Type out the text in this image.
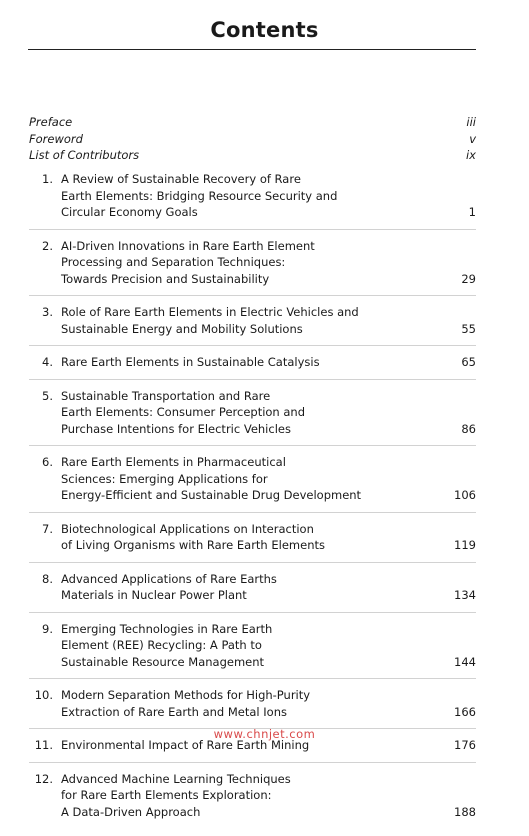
Contents
Preface	iii
Foreword	v
List of Contributors	ix
1. A Review of Sustainable Recovery of Rare
Earth Elements: Bridging Resource Security and
Circular Economy Goals	1
2. AI-Driven Innovations in Rare Earth Element
Processing and Separation Techniques:
Towards Precision and Sustainability	29
3. Role of Rare Earth Elements in Electric Vehicles and
Sustainable Energy and Mobility Solutions	55
4. Rare Earth Elements in Sustainable Catalysis	65
5. Sustainable Transportation and Rare
Earth Elements: Consumer Perception and
Purchase Intentions for Electric Vehicles	86
6. Rare Earth Elements in Pharmaceutical
Sciences: Emerging Applications for
Energy-Efficient and Sustainable Drug Development	106
7. Biotechnological Applications on Interaction
of Living Organisms with Rare Earth Elements	119
8. Advanced Applications of Rare Earths
Materials in Nuclear Power Plant	134
9. Emerging Technologies in Rare Earth
Element (REE) Recycling: A Path to
Sustainable Resource Management	144
10. Modern Separation Methods for High-Purity
Extraction of Rare Earth and Metal Ions	166
11. Environmental Impact of Rare Earth Mining	176
12. Advanced Machine Learning Techniques
for Rare Earth Elements Exploration:
A Data-Driven Approach	188
www.chnjet.com
